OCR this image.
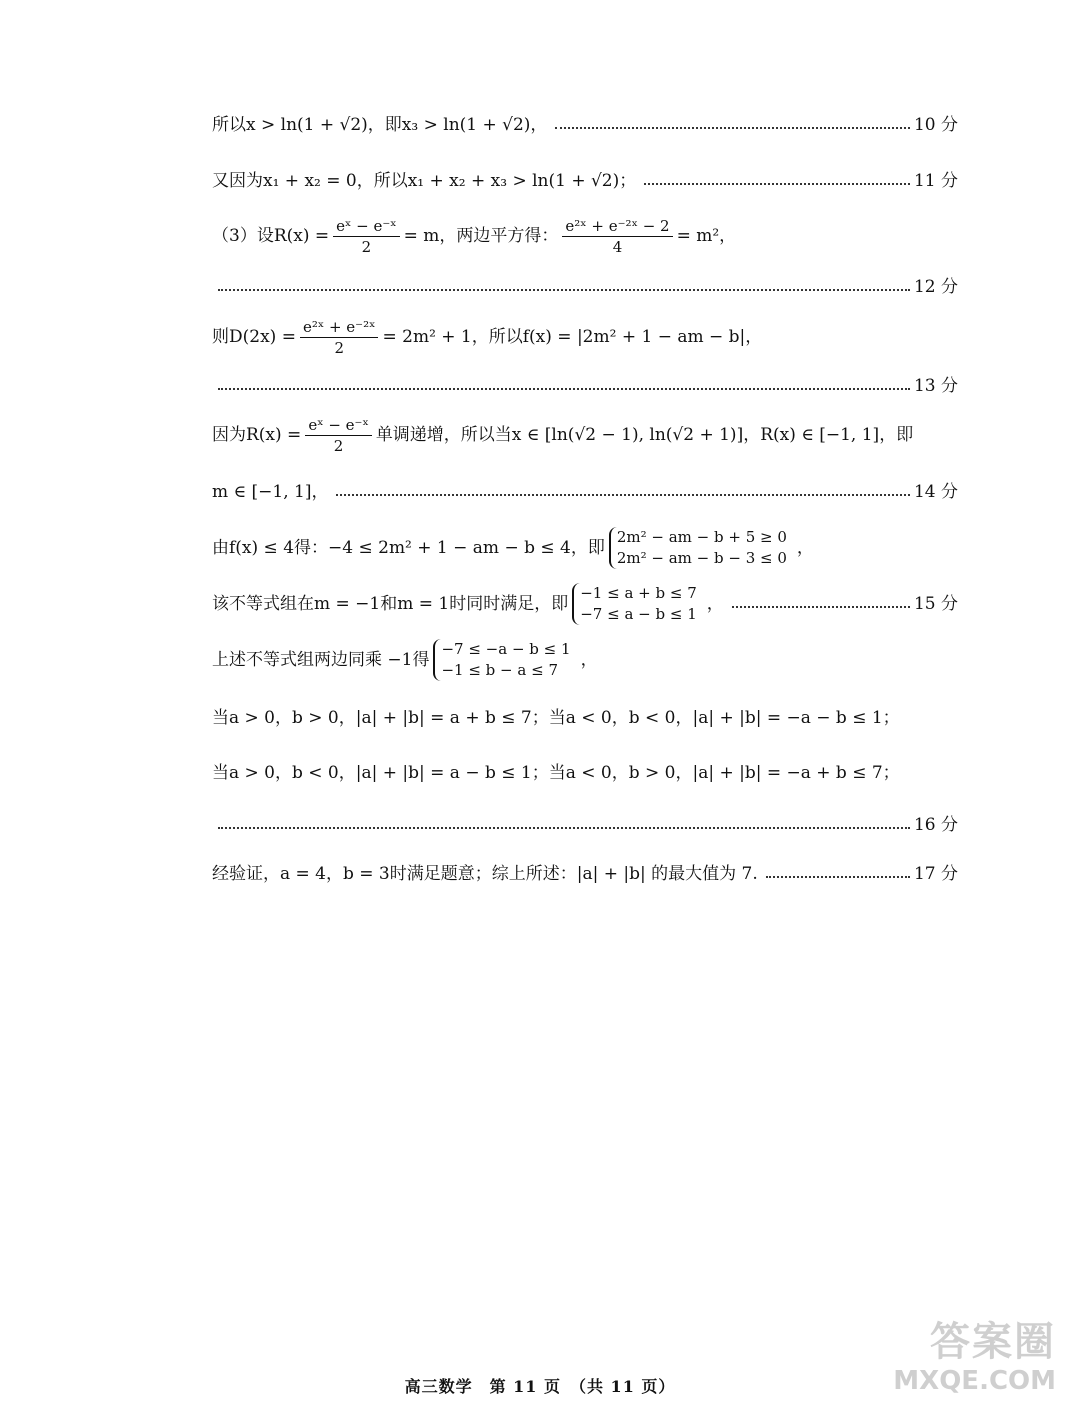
所以x > ln(1 + √2)，即x₃ > ln(1 + √2)，	10 分
又因为x₁ + x₂ = 0，所以x₁ + x₂ + x₃ > ln(1 + √2)；	11 分
（3）设$R(x) = \frac{\text{eˣ − e⁻ˣ}}{2} = m$，两边平方得： $\frac{\text{e²ˣ + e⁻²ˣ − 2}}{4} = m^2$，
12 分
则$D(2x) = \frac{\text{e²ˣ + e⁻²ˣ}}{2} = 2m^2 + 1$，所以f(x) = |2m² + 1 − am − b|，
13 分
因为$R(x) = \frac{\text{eˣ − e⁻ˣ}}{2}$ 单调递增，所以当x ∈ [ln(√2 − 1), ln(√2 + 1)]，R(x) ∈ [−1, 1]，即
m ∈ [−1, 1]，	14 分
由f(x) ≤ 4得：−4 ≤ 2m² + 1 − am − b ≤ 4，即
2m² − am − b + 5 ≥ 0
2m² − am − b − 3 ≤ 0 ，
该不等式组在m = −1和m = 1时同时满足，即
−1 ≤ a + b ≤ 7
−7 ≤ a − b ≤ 1 ，	15 分
上述不等式组两边同乘 −1得
−7 ≤ −a − b ≤ 1
−1 ≤ b − a ≤ 7	，
当a > 0，b > 0，|a| + |b| = a + b ≤ 7；当a < 0，b < 0，|a| + |b| = −a − b ≤ 1；
当a > 0，b < 0，|a| + |b| = a − b ≤ 1；当a < 0，b > 0，|a| + |b| = −a + b ≤ 7；
16 分
经验证，a = 4，b = 3时满足题意；综上所述：|a| + |b| 的最大值为 7.	17 分
高三数学　第 11 页　（共 11 页）
答案圈
MXQE.COM
